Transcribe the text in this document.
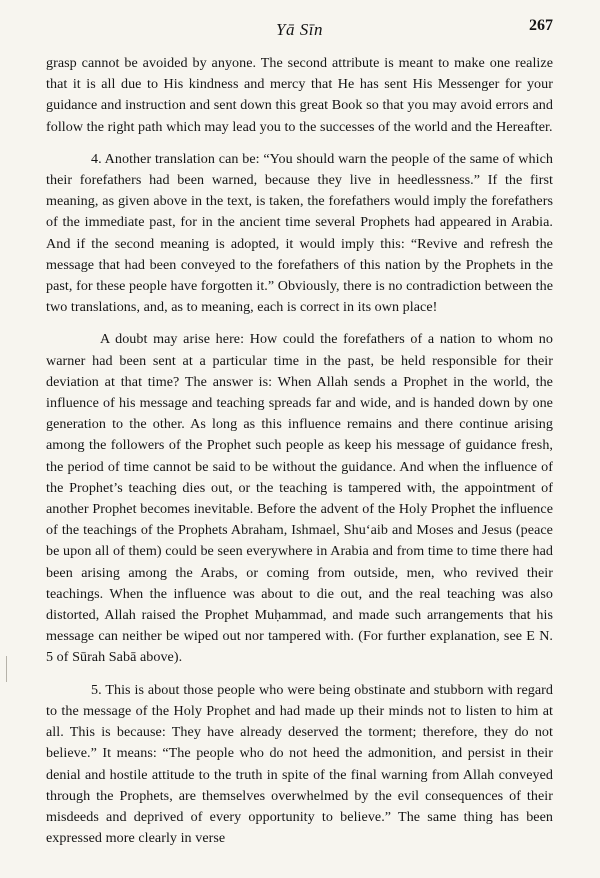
Yā Sīn	267

grasp cannot be avoided by anyone. The second attribute is meant to make one realize that it is all due to His kindness and mercy that He has sent His Messenger for your guidance and instruction and sent down this great Book so that you may avoid errors and follow the right path which may lead you to the successes of the world and the Hereafter.

4. Another translation can be: “You should warn the people of the same of which their forefathers had been warned, because they live in heedlessness.” If the first meaning, as given above in the text, is taken, the forefathers would imply the forefathers of the immediate past, for in the ancient time several Prophets had appeared in Arabia. And if the second meaning is adopted, it would imply this: “Revive and refresh the message that had been conveyed to the forefathers of this nation by the Prophets in the past, for these people have forgotten it.” Obviously, there is no contradiction between the two translations, and, as to meaning, each is correct in its own place!

A doubt may arise here: How could the forefathers of a nation to whom no warner had been sent at a particular time in the past, be held responsible for their deviation at that time? The answer is: When Allah sends a Prophet in the world, the influence of his message and teaching spreads far and wide, and is handed down by one generation to the other. As long as this influence remains and there continue arising among the followers of the Prophet such people as keep his message of guidance fresh, the period of time cannot be said to be without the guidance. And when the influence of the Prophet’s teaching dies out, or the teaching is tampered with, the appointment of another Prophet becomes inevitable. Before the advent of the Holy Prophet the influence of the teachings of the Prophets Abraham, Ishmael, Shu‘aib and Moses and Jesus (peace be upon all of them) could be seen everywhere in Arabia and from time to time there had been arising among the Arabs, or coming from outside, men, who revived their teachings. When the influence was about to die out, and the real teaching was also distorted, Allah raised the Prophet Muḥammad, and made such arrangements that his message can neither be wiped out nor tampered with. (For further explanation, see E N. 5 of Sūrah Sabā above).

5. This is about those people who were being obstinate and stubborn with regard to the message of the Holy Prophet and had made up their minds not to listen to him at all. This is because: They have already deserved the torment; therefore, they do not believe.” It means: “The people who do not heed the admonition, and persist in their denial and hostile attitude to the truth in spite of the final warning from Allah conveyed through the Prophets, are themselves overwhelmed by the evil consequences of their misdeeds and deprived of every opportunity to believe.” The same thing has been expressed more clearly in verse
